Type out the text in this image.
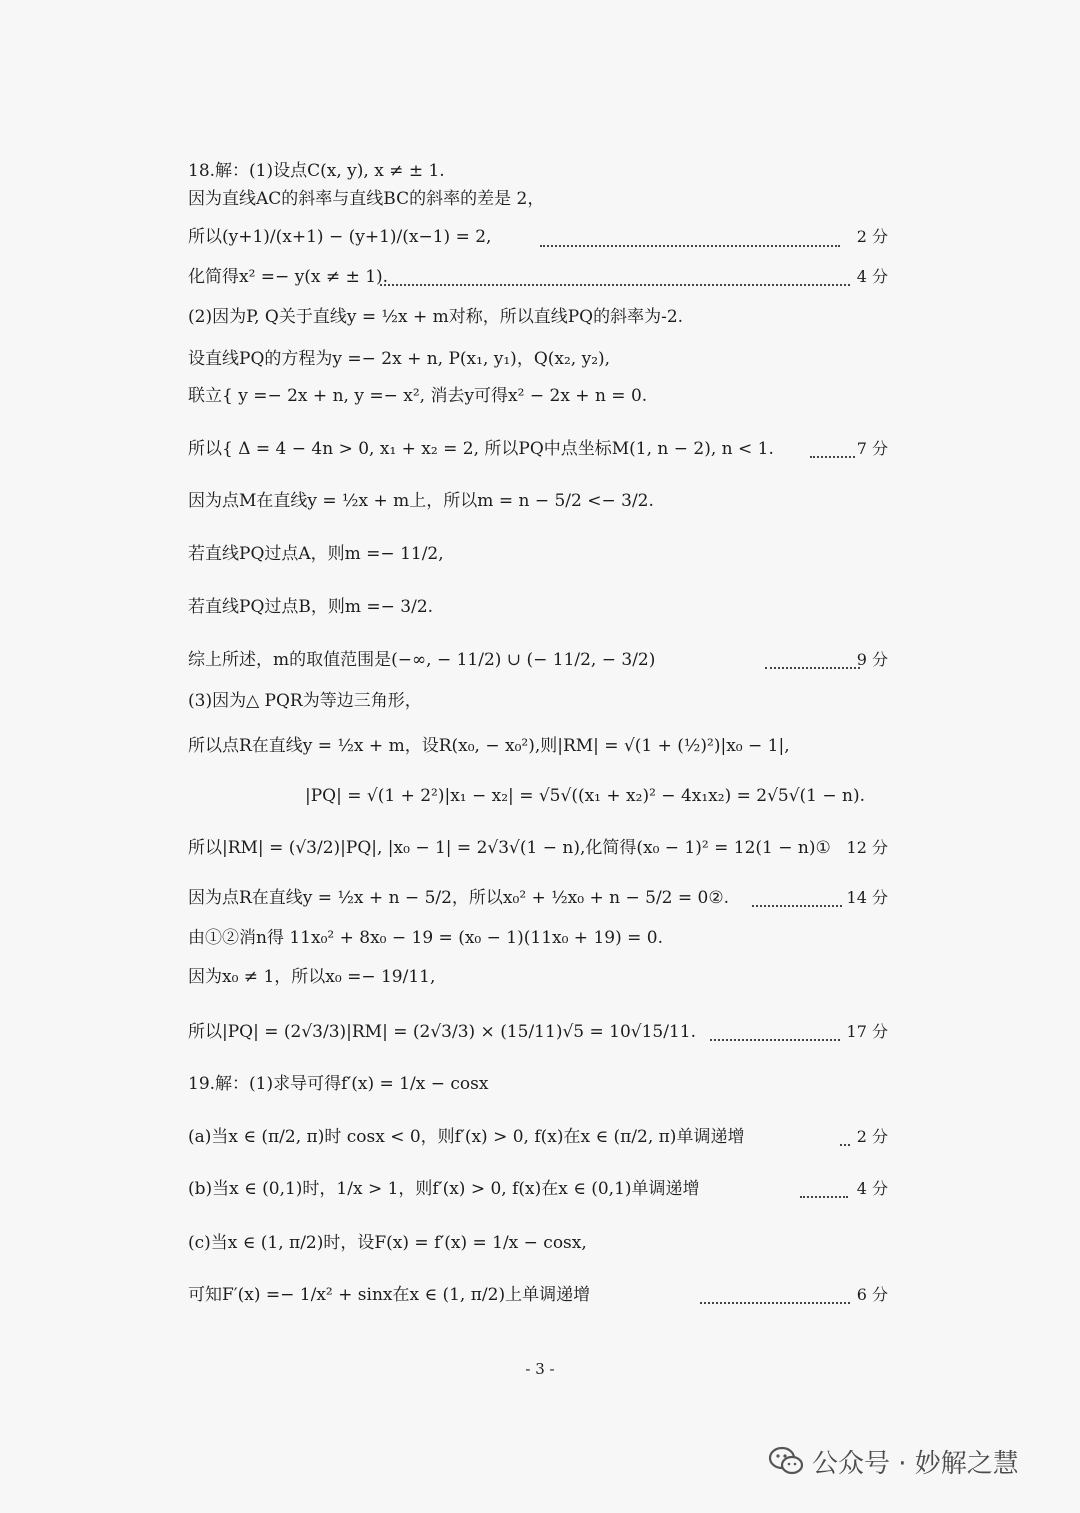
18.解：(1)设点C(x, y), x ≠ ± 1.
因为直线AC的斜率与直线BC的斜率的差是 2，
所以(y+1)/(x+1) − (y+1)/(x−1) = 2,	2 分
化简得x² =− y(x ≠ ± 1).	4 分
(2)因为P, Q关于直线y = ½x + m对称，所以直线PQ的斜率为-2.
设直线PQ的方程为y =− 2x + n, P(x₁, y₁)，Q(x₂, y₂),
联立{ y =− 2x + n, y =− x², 消去y可得x² − 2x + n = 0.
所以{ Δ = 4 − 4n > 0, x₁ + x₂ = 2, 所以PQ中点坐标M(1, n − 2), n < 1.	7 分
因为点M在直线y = ½x + m上，所以m = n − 5/2 <− 3/2.
若直线PQ过点A，则m =− 11/2,
若直线PQ过点B，则m =− 3/2.
综上所述，m的取值范围是(−∞, − 11/2) ∪ (− 11/2, − 3/2)	9 分
(3)因为△ PQR为等边三角形，
所以点R在直线y = ½x + m，设R(x₀, − x₀²),则|RM| = √(1 + (½)²)|x₀ − 1|,
|PQ| = √(1 + 2²)|x₁ − x₂| = √5√((x₁ + x₂)² − 4x₁x₂) = 2√5√(1 − n).
所以|RM| = (√3/2)|PQ|, |x₀ − 1| = 2√3√(1 − n),化简得(x₀ − 1)² = 12(1 − n)① 12 分
因为点R在直线y = ½x + n − 5/2，所以x₀² + ½x₀ + n − 5/2 = 0②.	14 分
由①②消n得 11x₀² + 8x₀ − 19 = (x₀ − 1)(11x₀ + 19) = 0.
因为x₀ ≠ 1，所以x₀ =− 19/11,
所以|PQ| = (2√3/3)|RM| = (2√3/3) × (15/11)√5 = 10√15/11.	17 分
19.解：(1)求导可得f′(x) = 1/x − cosx
(a)当x ∈ (π/2, π)时 cosx < 0，则f′(x) > 0, f(x)在x ∈ (π/2, π)单调递增	2 分
(b)当x ∈ (0,1)时，1/x > 1，则f′(x) > 0, f(x)在x ∈ (0,1)单调递增	4 分
(c)当x ∈ (1, π/2)时，设F(x) = f′(x) = 1/x − cosx,
可知F′(x) =− 1/x² + sinx在x ∈ (1, π/2)上单调递增	6 分
- 3 -
公众号 · 妙解之慧
